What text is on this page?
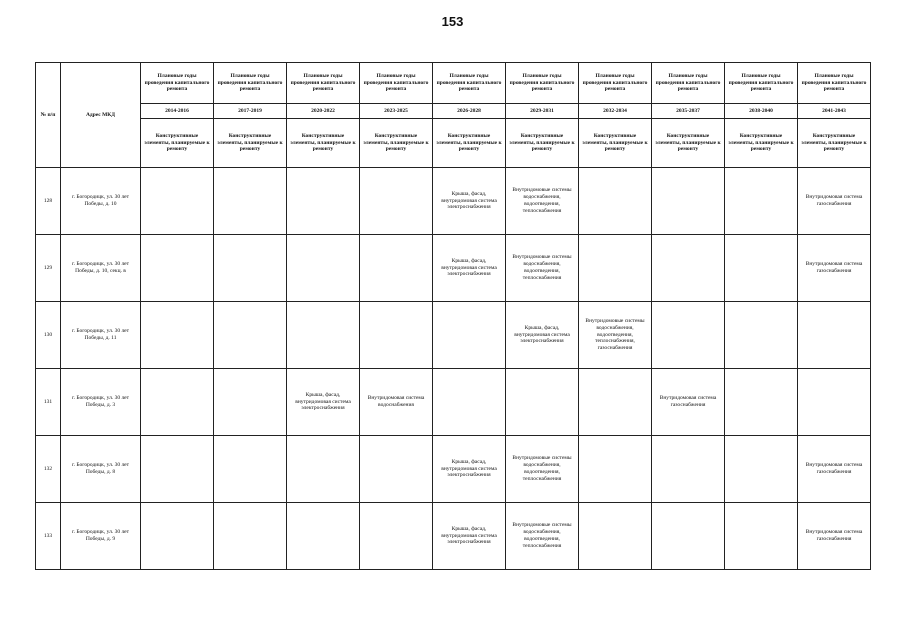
153
№ п/п	Адрес МКД	Плановые годы проведения капитального ремонта	Плановые годы проведения капитального ремонта	Плановые годы проведения капитального ремонта	Плановые годы проведения капитального ремонта	Плановые годы проведения капитального ремонта	Плановые годы проведения капитального ремонта	Плановые годы проведения капитального ремонта	Плановые годы проведения капитального ремонта	Плановые годы проведения капитального ремонта	Плановые годы проведения капитального ремонта
		2014-2016	2017-2019	2020-2022	2023-2025	2026-2028	2029-2031	2032-2034	2035-2037	2038-2040	2041-2043
		Конструктивные элементы, планируемые к ремонту	Конструктивные элементы, планируемые к ремонту	Конструктивные элементы, планируемые к ремонту	Конструктивные элементы, планируемые к ремонту	Конструктивные элементы, планируемые к ремонту	Конструктивные элементы, планируемые к ремонту	Конструктивные элементы, планируемые к ремонту	Конструктивные элементы, планируемые к ремонту	Конструктивные элементы, планируемые к ремонту	Конструктивные элементы, планируемые к ремонту
128	г. Богородицк, ул. 30 лет Победы, д. 10					Крыша, фасад, внутридомовая система электроснабжения	Внутридомовые системы водоснабжения, водоотведения, теплоснабжения				Внутридомовая система газоснабжения
129	г. Богородицк, ул. 30 лет Победы, д. 10, секц. в					Крыша, фасад, внутридомовая система электроснабжения	Внутридомовые системы водоснабжения, водоотведения, теплоснабжения				Внутридомовая система газоснабжения
130	г. Богородицк, ул. 30 лет Победы, д. 11						Крыша, фасад, внутридомовая система электроснабжения	Внутридомовые системы водоснабжения, водоотведения, теплоснабжения, газоснабжения			
131	г. Богородицк, ул. 30 лет Победы, д. 3			Крыша, фасад, внутридомовая система электроснабжения	Внутридомовая система водоснабжения				Внутридомовая система газоснабжения		
132	г. Богородицк, ул. 30 лет Победы, д. 8					Крыша, фасад, внутридомовая система электроснабжения	Внутридомовые системы водоснабжения, водоотведения, теплоснабжения				Внутридомовая система газоснабжения
133	г. Богородицк, ул. 30 лет Победы, д. 9					Крыша, фасад, внутридомовая система электроснабжения	Внутридомовые системы водоснабжения, водоотведения, теплоснабжения				Внутридомовая система газоснабжения
